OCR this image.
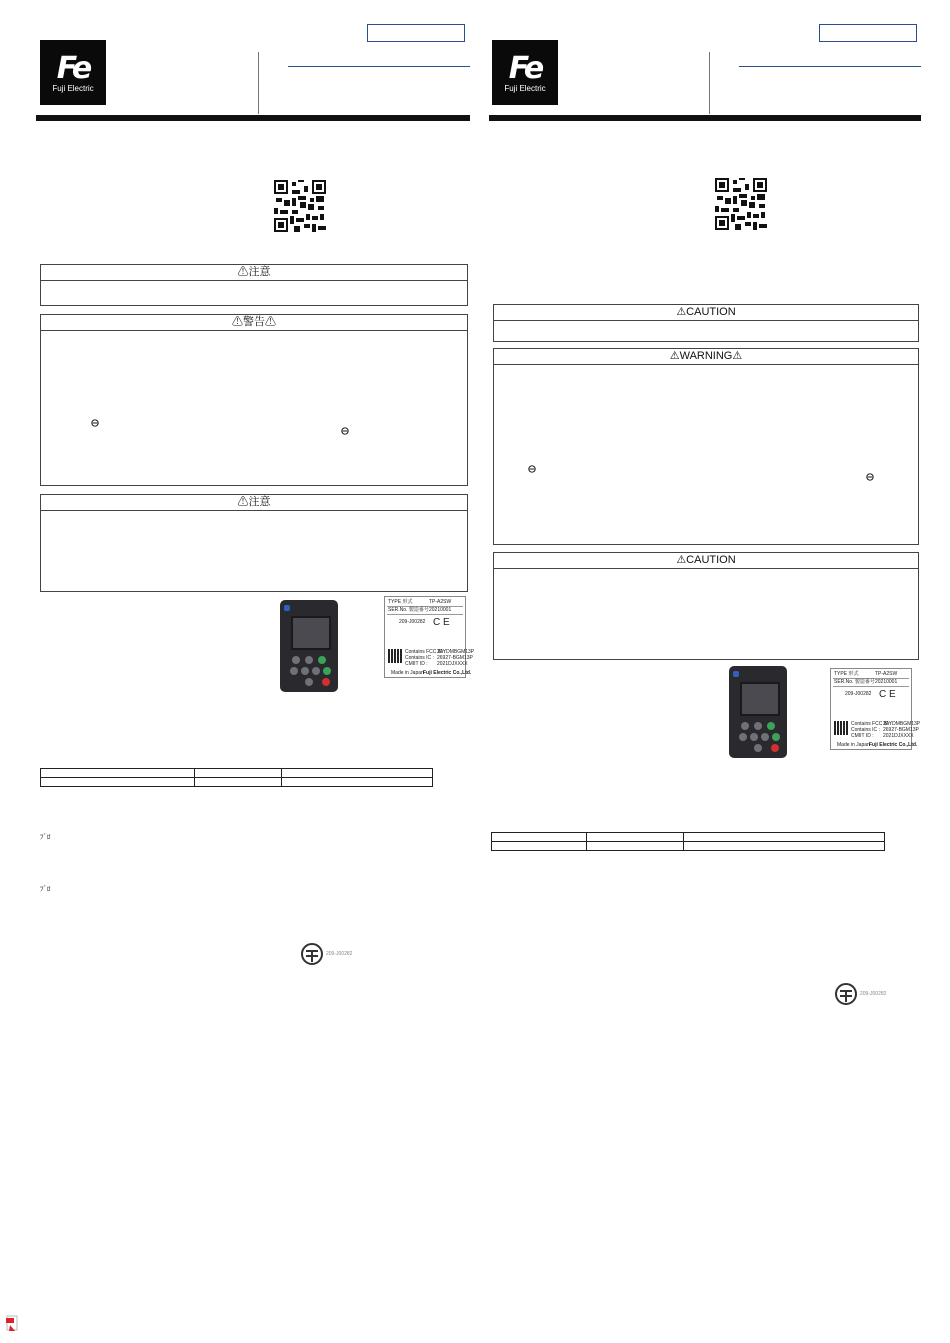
Fe
Fuji Electric
⚠注意
⚠警告⚠
⚠注意
TYPE 形式	TP-A2SW
SER.No. 製造番号 20210001
209-J00282 C E
Contains FCC ID :
2AYDMBGM13P
Contains IC : 26927-BGM13P
CMIIT ID : 2021DJXXXX
Made in Japan Fuji Electric Co.,Ltd.

ﾌﾞﾛ
ﾌﾞﾛ
209-J00282
Fe
Fuji Electric
⚠CAUTION
⚠WARNING⚠
⚠CAUTION
TYPE 形式	TP-A2SW
SER.No. 製造番号 20210001
209-J00282 C E
Contains FCC ID :
2AYDMBGM13P
Contains IC : 26927-BGM13P
CMIIT ID : 2021DJXXXX
Made in Japan Fuji Electric Co.,Ltd.

209-J00282
